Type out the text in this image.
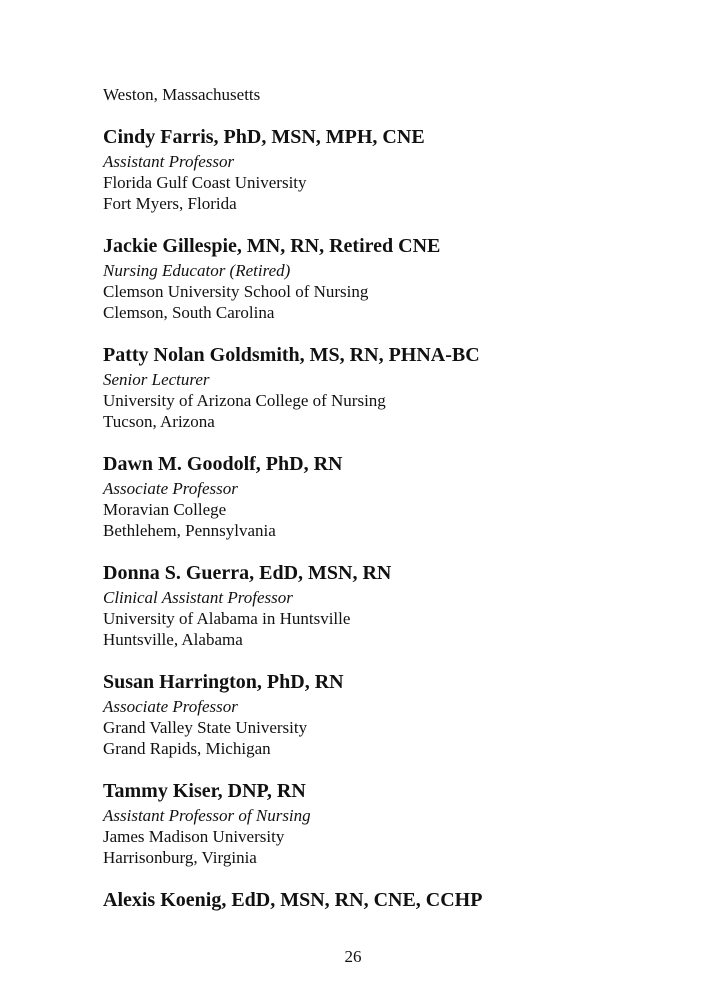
Weston, Massachusetts

Cindy Farris, PhD, MSN, MPH, CNE

Assistant Professor

Florida Gulf Coast University

Fort Myers, Florida

Jackie Gillespie, MN, RN, Retired CNE

Nursing Educator (Retired)

Clemson University School of Nursing

Clemson, South Carolina

Patty Nolan Goldsmith, MS, RN, PHNA-BC

Senior Lecturer

University of Arizona College of Nursing

Tucson, Arizona

Dawn M. Goodolf, PhD, RN

Associate Professor

Moravian College

Bethlehem, Pennsylvania

Donna S. Guerra, EdD, MSN, RN

Clinical Assistant Professor

University of Alabama in Huntsville

Huntsville, Alabama

Susan Harrington, PhD, RN

Associate Professor

Grand Valley State University

Grand Rapids, Michigan

Tammy Kiser, DNP, RN

Assistant Professor of Nursing

James Madison University

Harrisonburg, Virginia

Alexis Koenig, EdD, MSN, RN, CNE, CCHP

26
